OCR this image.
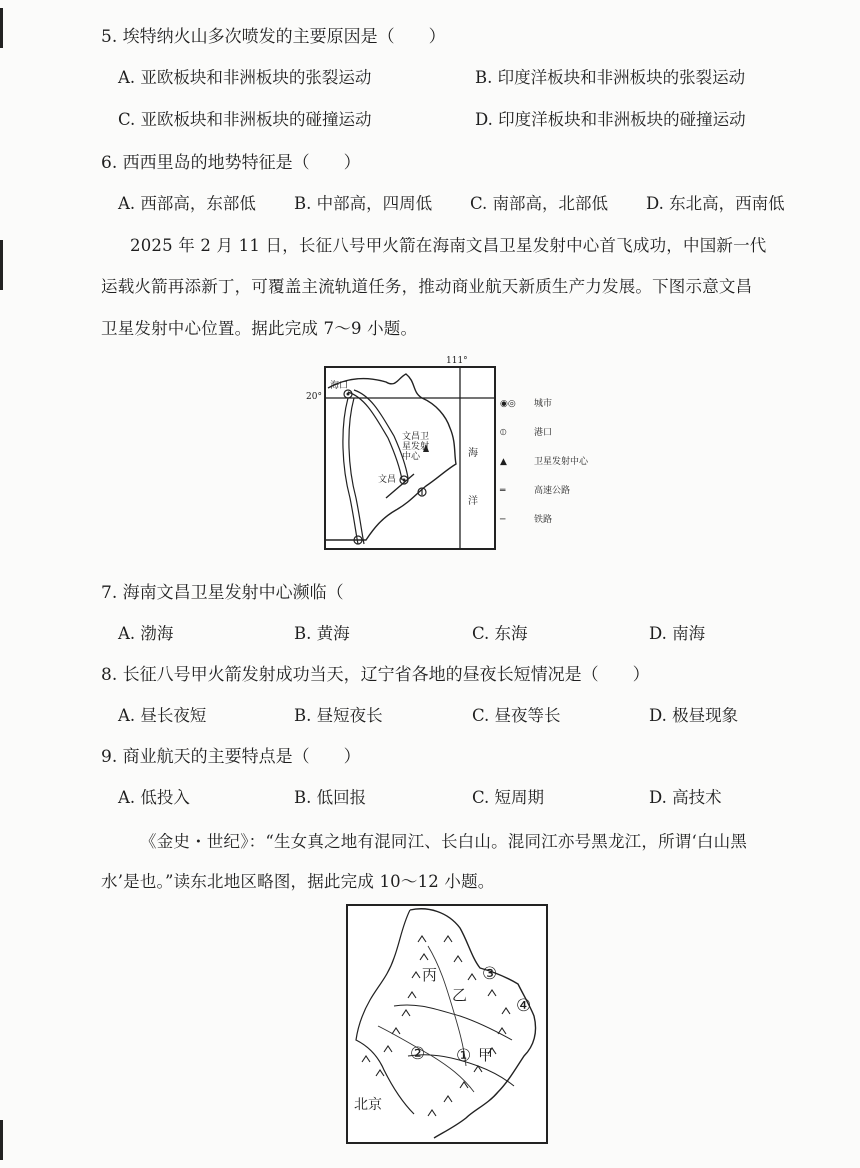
5. 埃特纳火山多次喷发的主要原因是（　　）
A. 亚欧板块和非洲板块的张裂运动	B. 印度洋板块和非洲板块的张裂运动
C. 亚欧板块和非洲板块的碰撞运动	D. 印度洋板块和非洲板块的碰撞运动
6. 西西里岛的地势特征是（　　）
A. 西部高，东部低 B. 中部高，四周低 C. 南部高，北部低 D. 东北高，西南低
2025 年 2 月 11 日，长征八号甲火箭在海南文昌卫星发射中心首飞成功，中国新一代
运载火箭再添新丁，可覆盖主流轨道任务，推动商业航天新质生产力发展。下图示意文昌
卫星发射中心位置。据此完成 7～9 小题。
111°
20°
海口
文昌
文昌卫星发射中心	海
洋
◉◎ 城市
⦶	港口
▲	卫星发射中心
═	高速公路
─	铁路
7. 海南文昌卫星发射中心濒临（
A. 渤海	B. 黄海	C. 东海	D. 南海
8. 长征八号甲火箭发射成功当天，辽宁省各地的昼夜长短情况是（　　）
A. 昼长夜短	B. 昼短夜长	C. 昼夜等长	D. 极昼现象
9. 商业航天的主要特点是（　　）
A. 低投入	B. 低回报	C. 短周期	D. 高技术
《金史・世纪》：“生女真之地有混同江、长白山。混同江亦号黑龙江，所谓‘白山黑
水’是也。”读东北地区略图，据此完成 10～12 小题。
丙
乙
甲
北京
③
④
② ①
